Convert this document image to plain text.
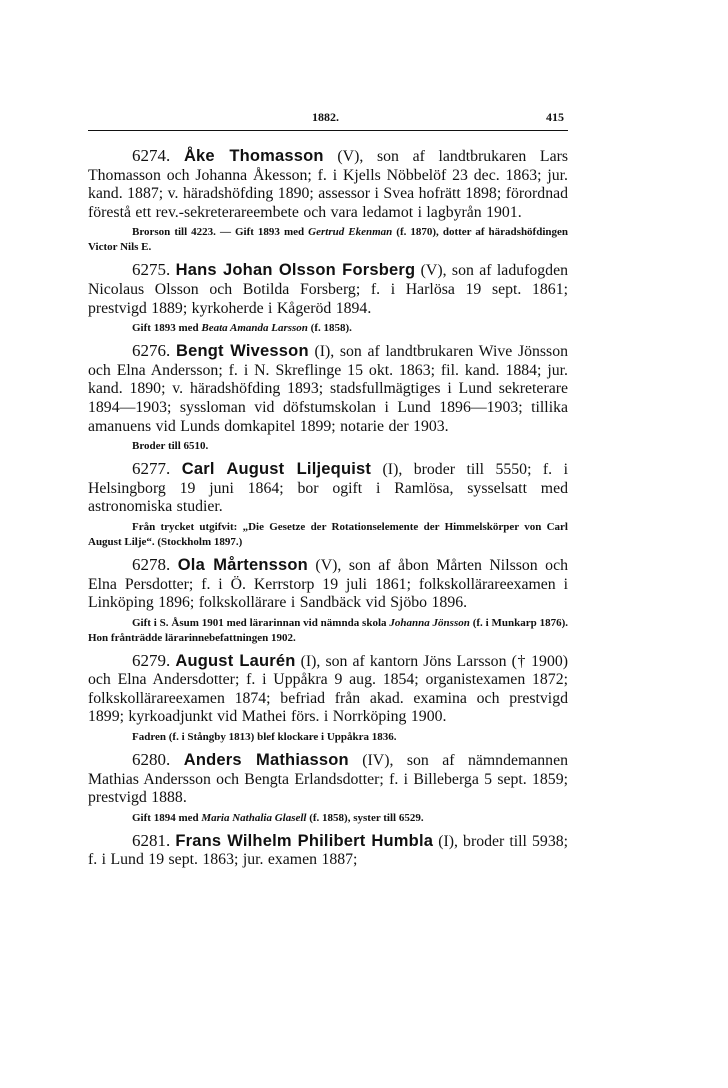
1882.	415

6274. Åke Thomasson (V), son af landtbrukaren Lars Thomasson och Johanna Åkesson; f. i Kjells Nöbbelöf 23 dec. 1863; jur. kand. 1887; v. häradshöfding 1890; assessor i Svea hofrätt 1898; förordnad förestå ett rev.-sekreterareembete och vara ledamot i lagbyrån 1901.

Brorson till 4223. — Gift 1893 med Gertrud Ekenman (f. 1870), dotter af häradshöfdingen Victor Nils E.

6275. Hans Johan Olsson Forsberg (V), son af ladufogden Nicolaus Olsson och Botilda Forsberg; f. i Harlösa 19 sept. 1861; prestvigd 1889; kyrkoherde i Kågeröd 1894.

Gift 1893 med Beata Amanda Larsson (f. 1858).

6276. Bengt Wivesson (I), son af landtbrukaren Wive Jönsson och Elna Andersson; f. i N. Skreflinge 15 okt. 1863; fil. kand. 1884; jur. kand. 1890; v. häradshöfding 1893; stadsfullmägtiges i Lund sekreterare 1894—1903; syssloman vid döfstumskolan i Lund 1896—1903; tillika amanuens vid Lunds domkapitel 1899; notarie der 1903.

Broder till 6510.

6277. Carl August Liljequist (I), broder till 5550; f. i Helsingborg 19 juni 1864; bor ogift i Ramlösa, sysselsatt med astronomiska studier.

Från trycket utgifvit: „Die Gesetze der Rotationselemente der Himmelskörper von Carl August Lilje“. (Stockholm 1897.)

6278. Ola Mårtensson (V), son af åbon Mårten Nilsson och Elna Persdotter; f. i Ö. Kerrstorp 19 juli 1861; folkskollärareexamen i Linköping 1896; folkskollärare i Sandbäck vid Sjöbo 1896.

Gift i S. Åsum 1901 med lärarinnan vid nämnda skola Johanna Jönsson (f. i Munkarp 1876). Hon frånträdde lärarinnebefattningen 1902.

6279. August Laurén (I), son af kantorn Jöns Larsson († 1900) och Elna Andersdotter; f. i Uppåkra 9 aug. 1854; organistexamen 1872; folkskollärareexamen 1874; befriad från akad. examina och prestvigd 1899; kyrkoadjunkt vid Mathei förs. i Norrköping 1900.

Fadren (f. i Stångby 1813) blef klockare i Uppåkra 1836.

6280. Anders Mathiasson (IV), son af nämndemannen Mathias Andersson och Bengta Erlandsdotter; f. i Billeberga 5 sept. 1859; prestvigd 1888.

Gift 1894 med Maria Nathalia Glasell (f. 1858), syster till 6529.

6281. Frans Wilhelm Philibert Humbla (I), broder till 5938; f. i Lund 19 sept. 1863; jur. examen 1887;
